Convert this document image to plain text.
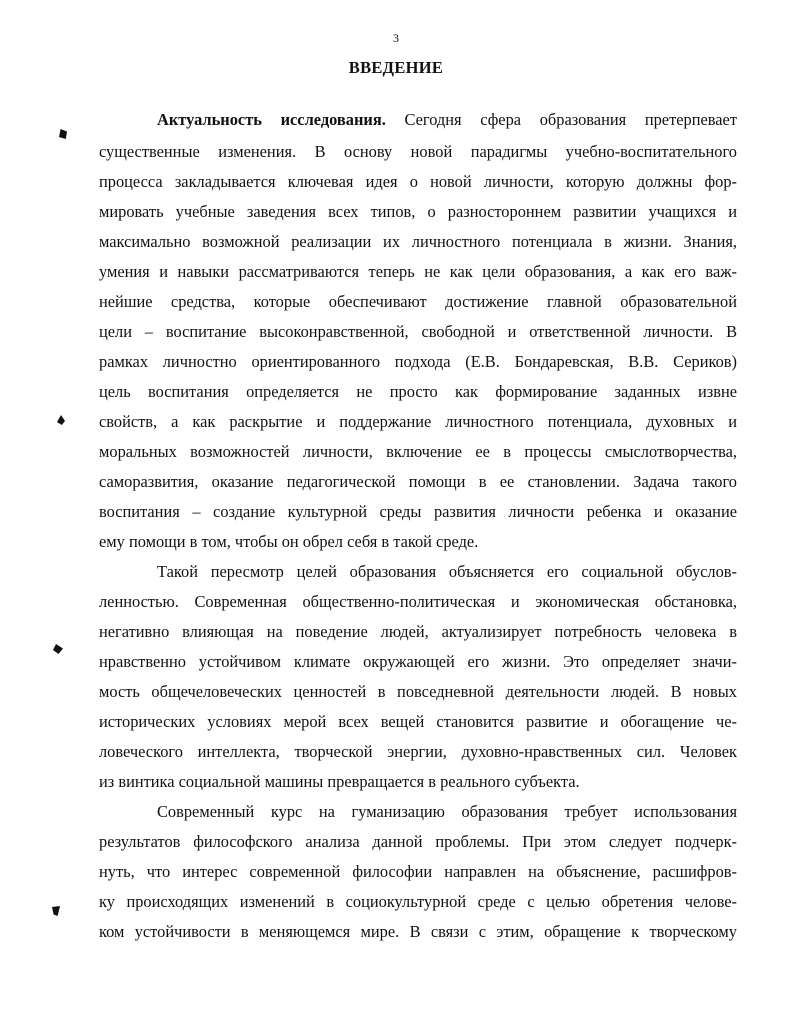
3
ВВЕДЕНИЕ
Актуальность исследования. Сегодня сфера образования претерпевает
существенные изменения. В основу новой парадигмы учебно-воспитательного
процесса закладывается ключевая идея о новой личности, которую должны фор-
мировать учебные заведения всех типов, о разностороннем развитии учащихся и
максимально возможной реализации их личностного потенциала в жизни. Знания,
умения и навыки рассматриваются теперь не как цели образования, а как его важ-
нейшие средства, которые обеспечивают достижение главной образовательной
цели – воспитание высоконравственной, свободной и ответственной личности. В
рамках личностно ориентированного подхода (Е.В. Бондаревская, В.В. Сериков)
цель воспитания определяется не просто как формирование заданных извне
свойств, а как раскрытие и поддержание личностного потенциала, духовных и
моральных возможностей личности, включение ее в процессы смыслотворчества,
саморазвития, оказание педагогической помощи в ее становлении. Задача такого
воспитания – создание культурной среды развития личности ребенка и оказание
ему помощи в том, чтобы он обрел себя в такой среде.
Такой пересмотр целей образования объясняется его социальной обуслов-
ленностью. Современная общественно-политическая и экономическая обстановка,
негативно влияющая на поведение людей, актуализирует потребность человека в
нравственно устойчивом климате окружающей его жизни. Это определяет значи-
мость общечеловеческих ценностей в повседневной деятельности людей. В новых
исторических условиях мерой всех вещей становится развитие и обогащение че-
ловеческого интеллекта, творческой энергии, духовно-нравственных сил. Человек
из винтика социальной машины превращается в реального субъекта.
Современный курс на гуманизацию образования требует использования
результатов философского анализа данной проблемы. При этом следует подчерк-
нуть, что интерес современной философии направлен на объяснение, расшифров-
ку происходящих изменений в социокультурной среде с целью обретения челове-
ком устойчивости в меняющемся мире. В связи с этим, обращение к творческому
